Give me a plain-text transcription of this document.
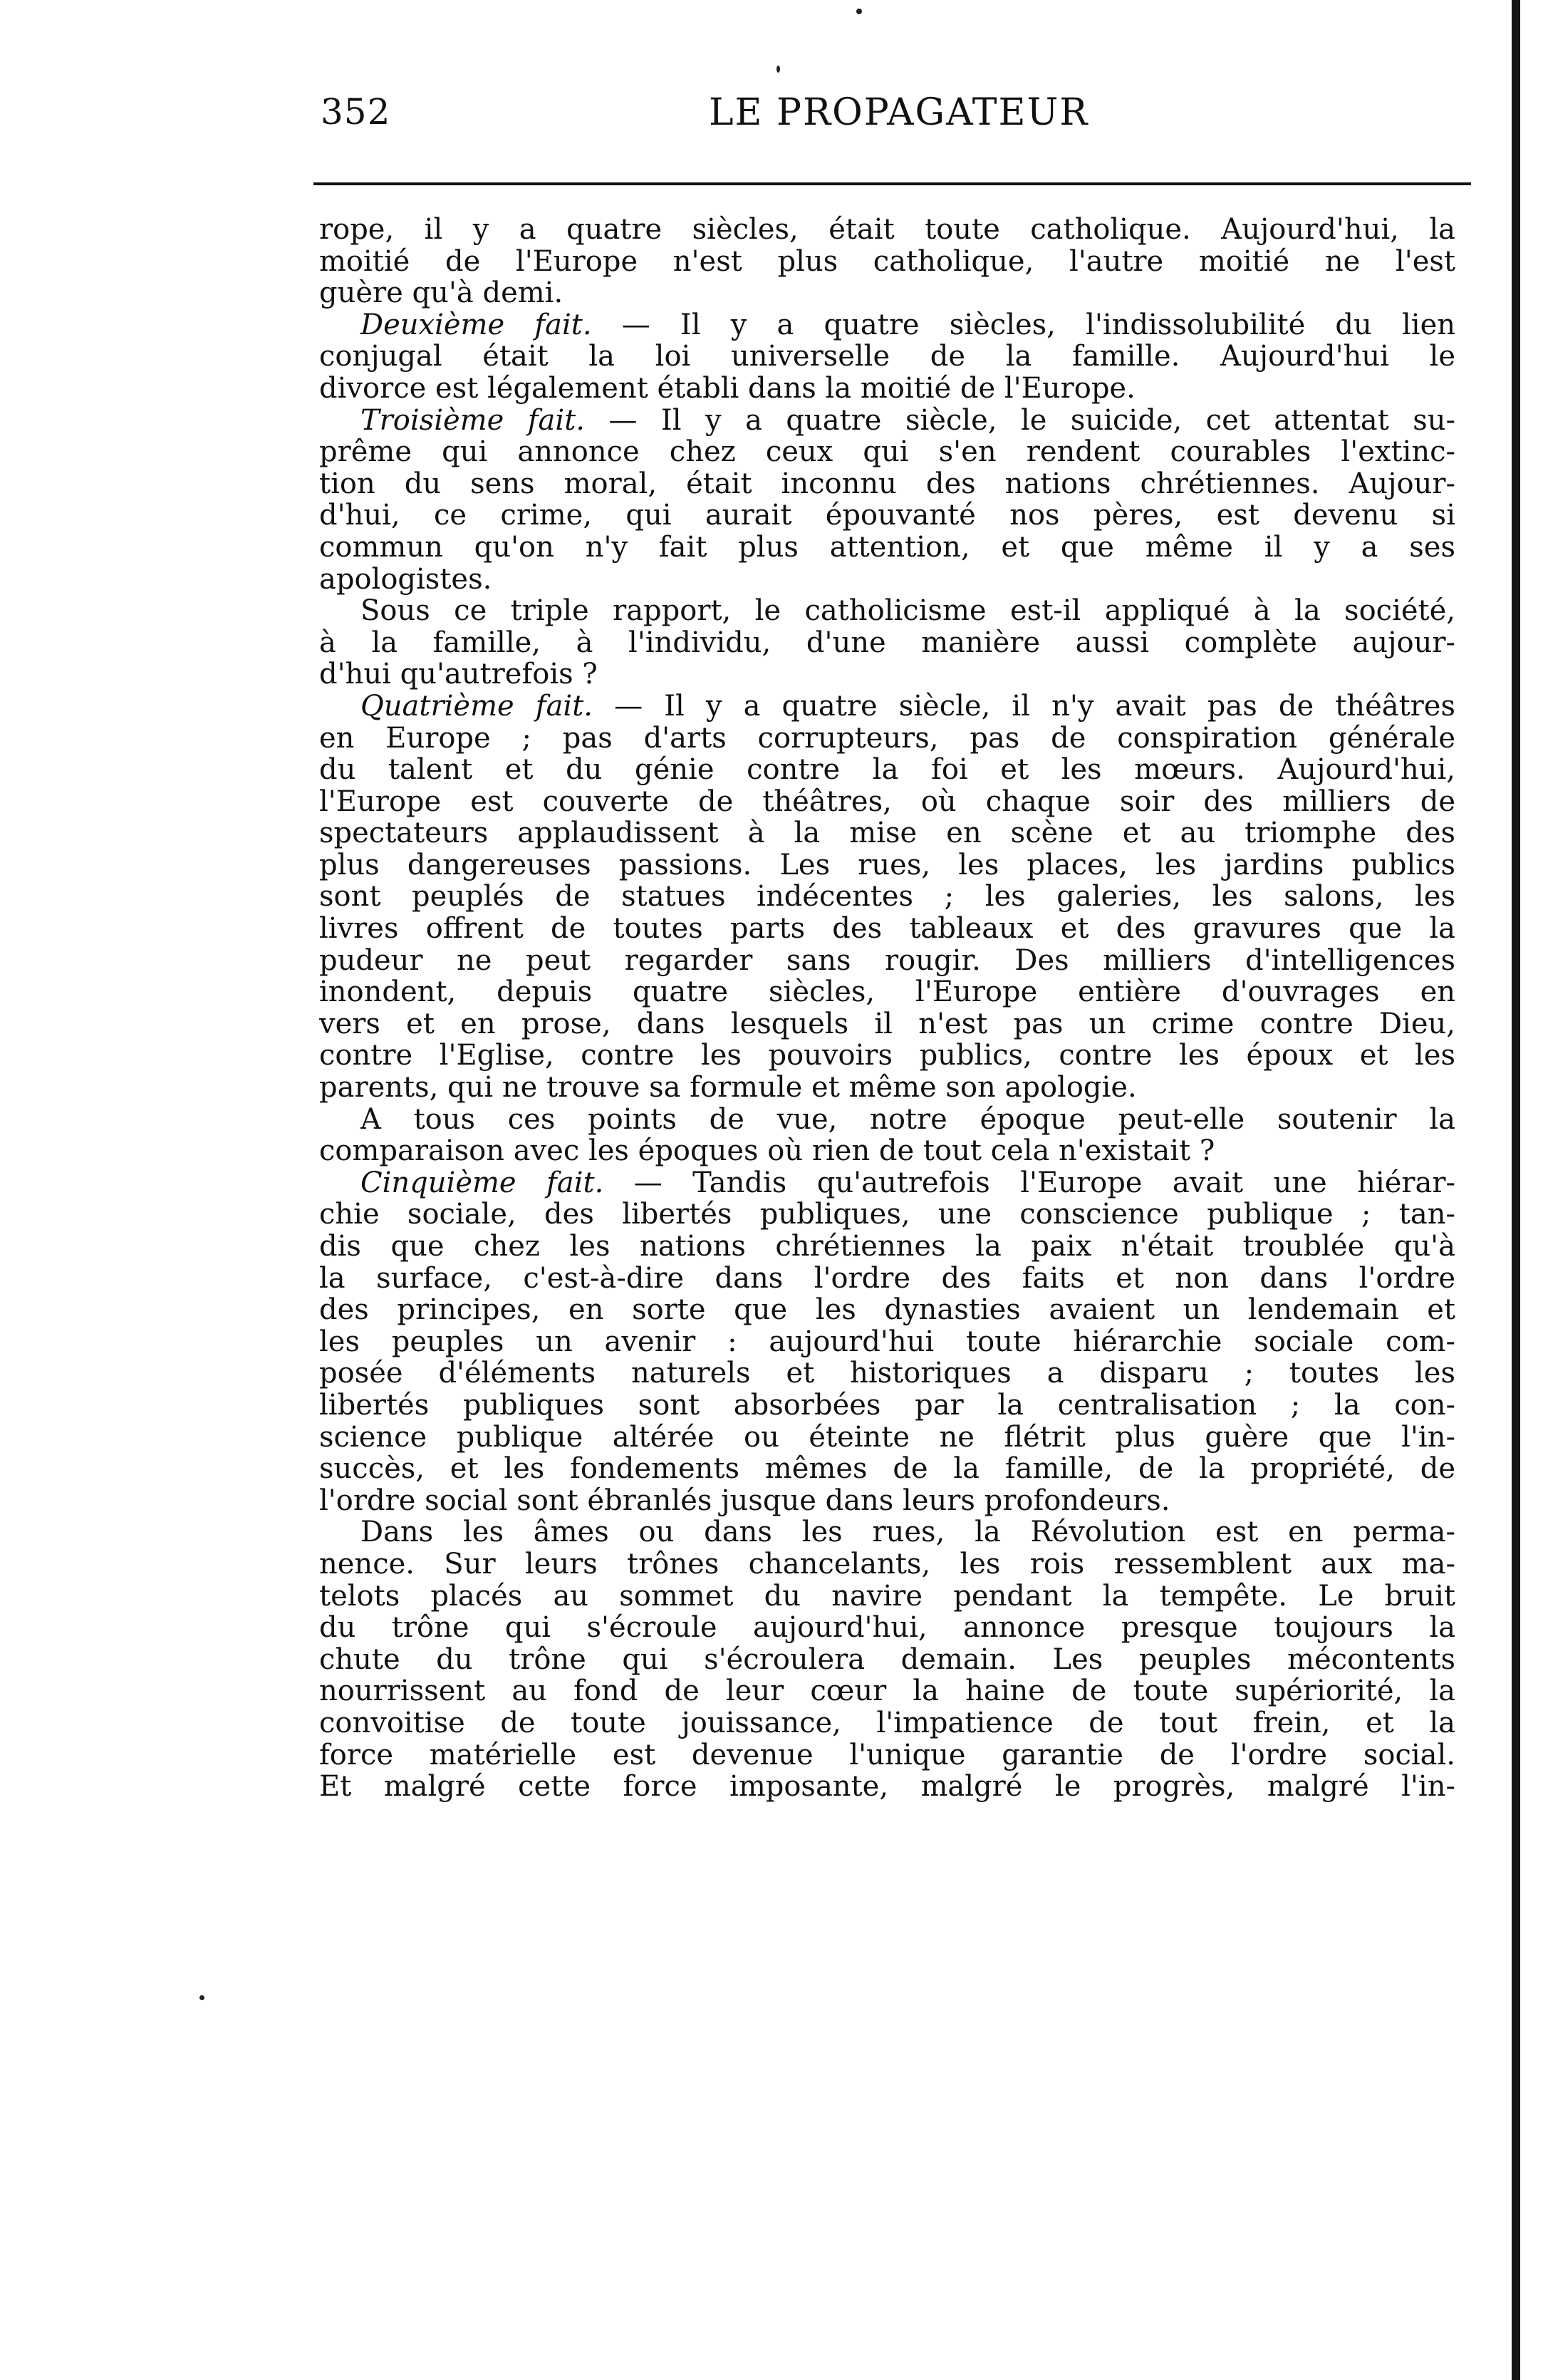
352	LE PROPAGATEUR
rope, il y a quatre siècles, était toute catholique. Aujourd'hui, la
moitié de l'Europe n'est plus catholique, l'autre moitié ne l'est
guère qu'à demi.
Deuxième fait. — Il y a quatre siècles, l'indissolubilité du lien
conjugal était la loi universelle de la famille. Aujourd'hui le
divorce est légalement établi dans la moitié de l'Europe.
Troisième fait. — Il y a quatre siècle, le suicide, cet attentat su-
prême qui annonce chez ceux qui s'en rendent courables l'extinc-
tion du sens moral, était inconnu des nations chrétiennes. Aujour-
d'hui, ce crime, qui aurait épouvanté nos pères, est devenu si
commun qu'on n'y fait plus attention, et que même il y a ses
apologistes.
Sous ce triple rapport, le catholicisme est-il appliqué à la société,
à la famille, à l'individu, d'une manière aussi complète aujour-
d'hui qu'autrefois ?
Quatrième fait. — Il y a quatre siècle, il n'y avait pas de théâtres
en Europe ; pas d'arts corrupteurs, pas de conspiration générale
du talent et du génie contre la foi et les mœurs. Aujourd'hui,
l'Europe est couverte de théâtres, où chaque soir des milliers de
spectateurs applaudissent à la mise en scène et au triomphe des
plus dangereuses passions. Les rues, les places, les jardins publics
sont peuplés de statues indécentes ; les galeries, les salons, les
livres offrent de toutes parts des tableaux et des gravures que la
pudeur ne peut regarder sans rougir. Des milliers d'intelligences
inondent, depuis quatre siècles, l'Europe entière d'ouvrages en
vers et en prose, dans lesquels il n'est pas un crime contre Dieu,
contre l'Eglise, contre les pouvoirs publics, contre les époux et les
parents, qui ne trouve sa formule et même son apologie.
A tous ces points de vue, notre époque peut-elle soutenir la
comparaison avec les époques où rien de tout cela n'existait ?
Cinquième fait. — Tandis qu'autrefois l'Europe avait une hiérar-
chie sociale, des libertés publiques, une conscience publique ; tan-
dis que chez les nations chrétiennes la paix n'était troublée qu'à
la surface, c'est-à-dire dans l'ordre des faits et non dans l'ordre
des principes, en sorte que les dynasties avaient un lendemain et
les peuples un avenir : aujourd'hui toute hiérarchie sociale com-
posée d'éléments naturels et historiques a disparu ; toutes les
libertés publiques sont absorbées par la centralisation ; la con-
science publique altérée ou éteinte ne flétrit plus guère que l'in-
succès, et les fondements mêmes de la famille, de la propriété, de
l'ordre social sont ébranlés jusque dans leurs profondeurs.
Dans les âmes ou dans les rues, la Révolution est en perma-
nence. Sur leurs trônes chancelants, les rois ressemblent aux ma-
telots placés au sommet du navire pendant la tempête. Le bruit
du trône qui s'écroule aujourd'hui, annonce presque toujours la
chute du trône qui s'écroulera demain. Les peuples mécontents
nourrissent au fond de leur cœur la haine de toute supériorité, la
convoitise de toute jouissance, l'impatience de tout frein, et la
force matérielle est devenue l'unique garantie de l'ordre social.
Et malgré cette force imposante, malgré le progrès, malgré l'in-
